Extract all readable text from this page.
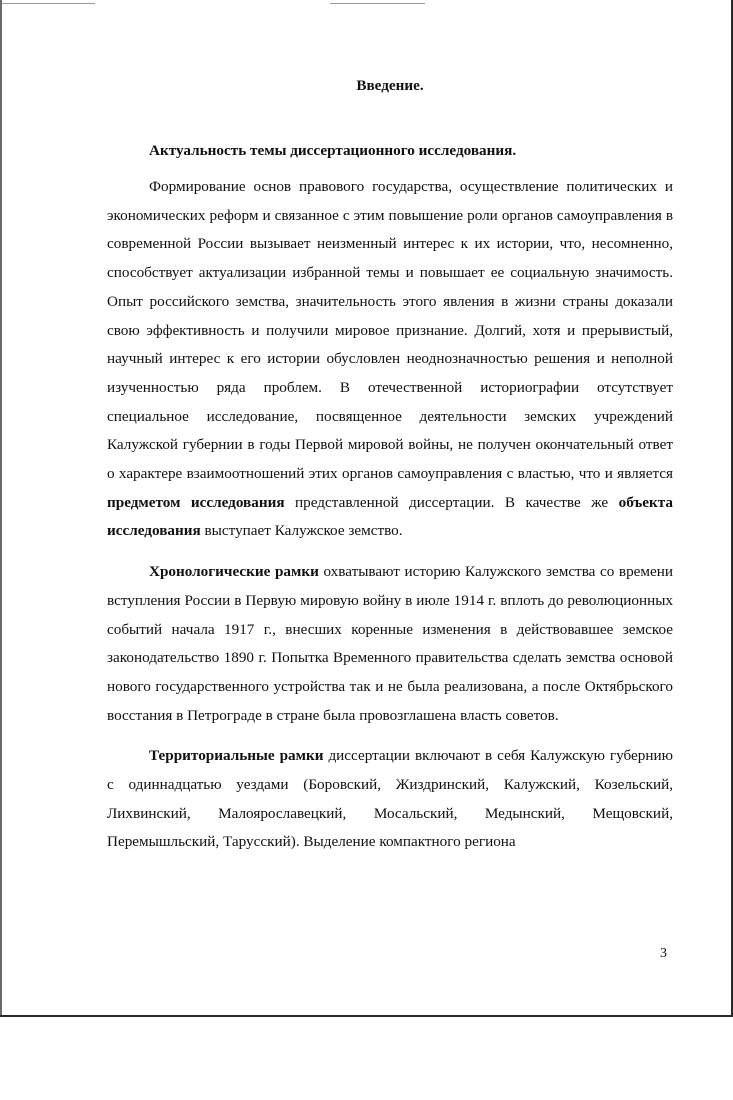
Введение.

Актуальность темы диссертационного исследования.

Формирование основ правового государства, осуществление политических и экономических реформ и связанное с этим повышение роли органов самоуправления в современной России вызывает неизменный интерес к их истории, что, несомненно, способствует актуализации избранной темы и повышает ее социальную значимость. Опыт российского земства, значительность этого явления в жизни страны доказали свою эффективность и получили мировое признание. Долгий, хотя и прерывистый, научный интерес к его истории обусловлен неоднозначностью решения и неполной изученностью ряда проблем. В отечественной историографии отсутствует специальное исследование, посвященное деятельности земских учреждений Калужской губернии в годы Первой мировой войны, не получен окончательный ответ о характере взаимоотношений этих органов самоуправления с властью, что и является предметом исследования представленной диссертации. В качестве же объекта исследования выступает Калужское земство.

Хронологические рамки охватывают историю Калужского земства со времени вступления России в Первую мировую войну в июле 1914 г. вплоть до революционных событий начала 1917 г., внесших коренные изменения в действовавшее земское законодательство 1890 г. Попытка Временного правительства сделать земства основой нового государственного устройства так и не была реализована, а после Октябрьского восстания в Петрограде в стране была провозглашена власть советов.

Территориальные рамки диссертации включают в себя Калужскую губернию с одиннадцатью уездами (Боровский, Жиздринский, Калужский, Козельский, Лихвинский, Малоярославецкий, Мосальский, Медынский, Мещовский, Перемышльский, Тарусский). Выделение компактного региона

3
